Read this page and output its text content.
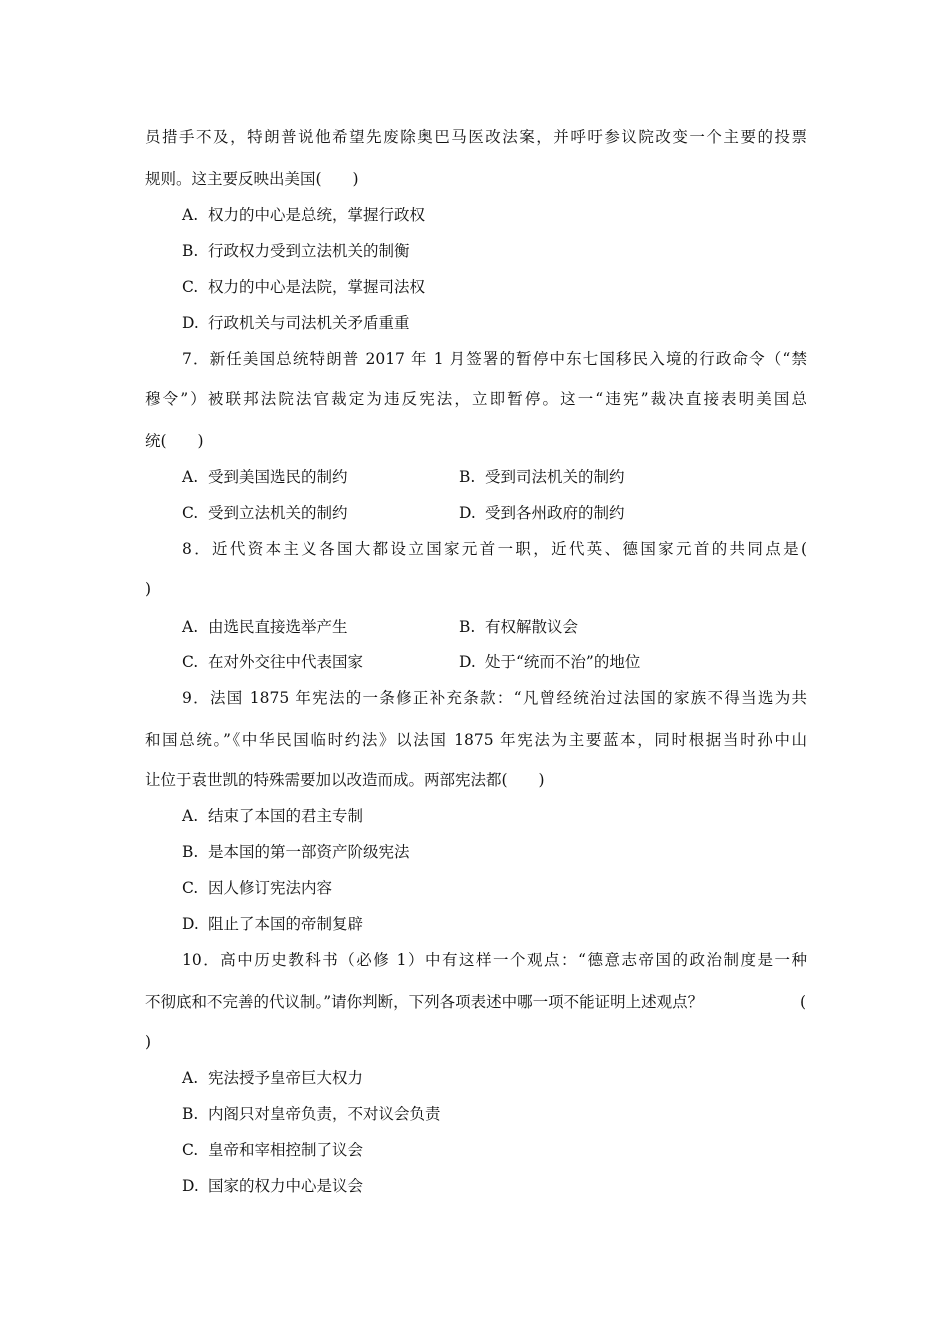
员措手不及，特朗普说他希望先废除奥巴马医改法案，并呼吁参议院改变一个主要的投票
规则。这主要反映出美国(　　)
A. 权力的中心是总统，掌握行政权
B. 行政权力受到立法机关的制衡
C. 权力的中心是法院，掌握司法权
D. 行政机关与司法机关矛盾重重
7．新任美国总统特朗普 2017 年 1 月签署的暂停中东七国移民入境的行政命令（“禁
穆令”）被联邦法院法官裁定为违反宪法，立即暂停。这一“违宪”裁决直接表明美国总
统(　　)
A. 受到美国选民的制约	B. 受到司法机关的制约
C. 受到立法机关的制约	D. 受到各州政府的制约
8．近代资本主义各国大都设立国家元首一职，近代英、德国家元首的共同点是(
)
A. 由选民直接选举产生	B. 有权解散议会
C. 在对外交往中代表国家	D. 处于“统而不治”的地位
9．法国 1875 年宪法的一条修正补充条款：“凡曾经统治过法国的家族不得当选为共
和国总统。”《中华民国临时约法》以法国 1875 年宪法为主要蓝本，同时根据当时孙中山
让位于袁世凯的特殊需要加以改造而成。两部宪法都(　　)
A. 结束了本国的君主专制
B. 是本国的第一部资产阶级宪法
C. 因人修订宪法内容
D. 阻止了本国的帝制复辟
10．高中历史教科书（必修 1）中有这样一个观点：“德意志帝国的政治制度是一种
不彻底和不完善的代议制。”请你判断，下列各项表述中哪一项不能证明上述观点？	(
)
A. 宪法授予皇帝巨大权力
B. 内阁只对皇帝负责，不对议会负责
C. 皇帝和宰相控制了议会
D. 国家的权力中心是议会
